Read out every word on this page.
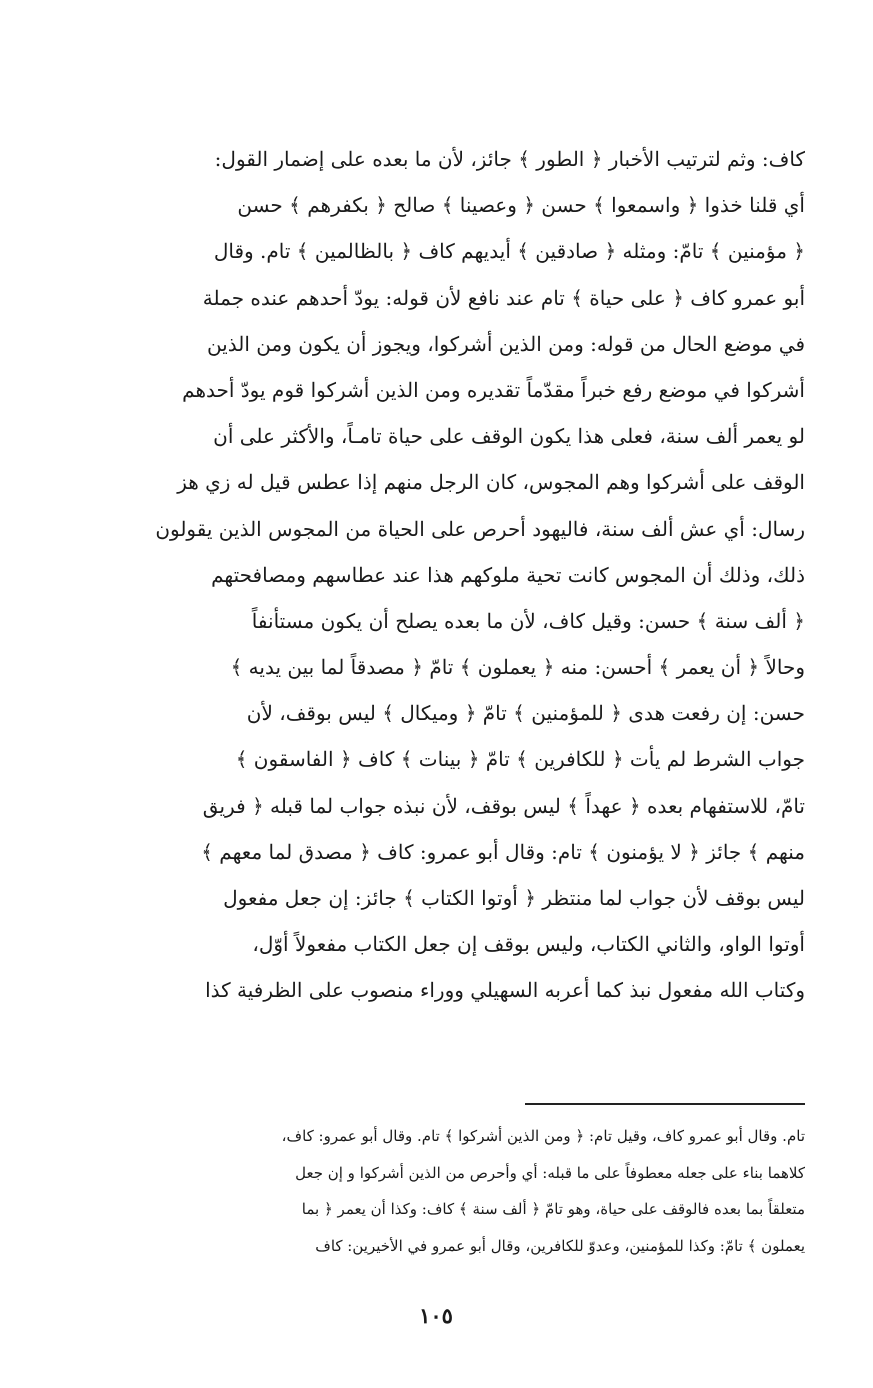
كاف: وثم لترتيب الأخبار ﴿ الطور ﴾ جائز، لأن ما بعده على إضمار القول:
أي قلنا خذوا ﴿ واسمعوا ﴾ حسن ﴿ وعصينا ﴾ صالح ﴿ بكفرهم ﴾ حسن
﴿ مؤمنين ﴾ تامّ: ومثله ﴿ صادقين ﴾ أيديهم كاف ﴿ بالظالمين ﴾ تام. وقال
أبو عمرو كاف ﴿ على حياة ﴾ تام عند نافع لأن قوله: يودّ أحدهم عنده جملة
في موضع الحال من قوله: ومن الذين أشركوا، ويجوز أن يكون ومن الذين
أشركوا في موضع رفع خبراً مقدّماً تقديره ومن الذين أشركوا قوم يودّ أحدهم
لو يعمر ألف سنة، فعلى هذا يكون الوقف على حياة تامـاً، والأكثر على أن
الوقف على أشركوا وهم المجوس، كان الرجل منهم إذا عطس قيل له زي هز
رسال: أي عش ألف سنة، فاليهود أحرص على الحياة من المجوس الذين يقولون
ذلك، وذلك أن المجوس كانت تحية ملوكهم هذا عند عطاسهم ومصافحتهم
﴿ ألف سنة ﴾ حسن: وقيل كاف، لأن ما بعده يصلح أن يكون مستأنفاً
وحالاً ﴿ أن يعمر ﴾ أحسن: منه ﴿ يعملون ﴾ تامّ ﴿ مصدقاً لما بين يديه ﴾
حسن: إن رفعت هدى ﴿ للمؤمنين ﴾ تامّ ﴿ وميكال ﴾ ليس بوقف، لأن
جواب الشرط لم يأت ﴿ للكافرين ﴾ تامّ ﴿ بينات ﴾ كاف ﴿ الفاسقون ﴾
تامّ، للاستفهام بعده ﴿ عهداً ﴾ ليس بوقف، لأن نبذه جواب لما قبله ﴿ فريق
منهم ﴾ جائز ﴿ لا يؤمنون ﴾ تام: وقال أبو عمرو: كاف ﴿ مصدق لما معهم ﴾
ليس بوقف لأن جواب لما منتظر ﴿ أوتوا الكتاب ﴾ جائز: إن جعل مفعول
أوتوا الواو، والثاني الكتاب، وليس بوقف إن جعل الكتاب مفعولاً أوّل،
وكتاب الله مفعول نبذ كما أعربه السهيلي ووراء منصوب على الظرفية كذا
تام. وقال أبو عمرو كاف، وقيل تام: ﴿ ومن الذين أشركوا ﴾ تام. وقال أبو عمرو: كاف،
كلاهما بناء على جعله معطوفاً على ما قبله: أي وأحرص من الذين أشركوا و إن جعل
متعلقاً بما بعده فالوقف على حياة، وهو تامّ ﴿ ألف سنة ﴾ كاف: وكذا أن يعمر ﴿ بما
يعملون ﴾ تامّ: وكذا للمؤمنين، وعدوّ للكافرين، وقال أبو عمرو في الأخيرين: كاف
١٠٥
